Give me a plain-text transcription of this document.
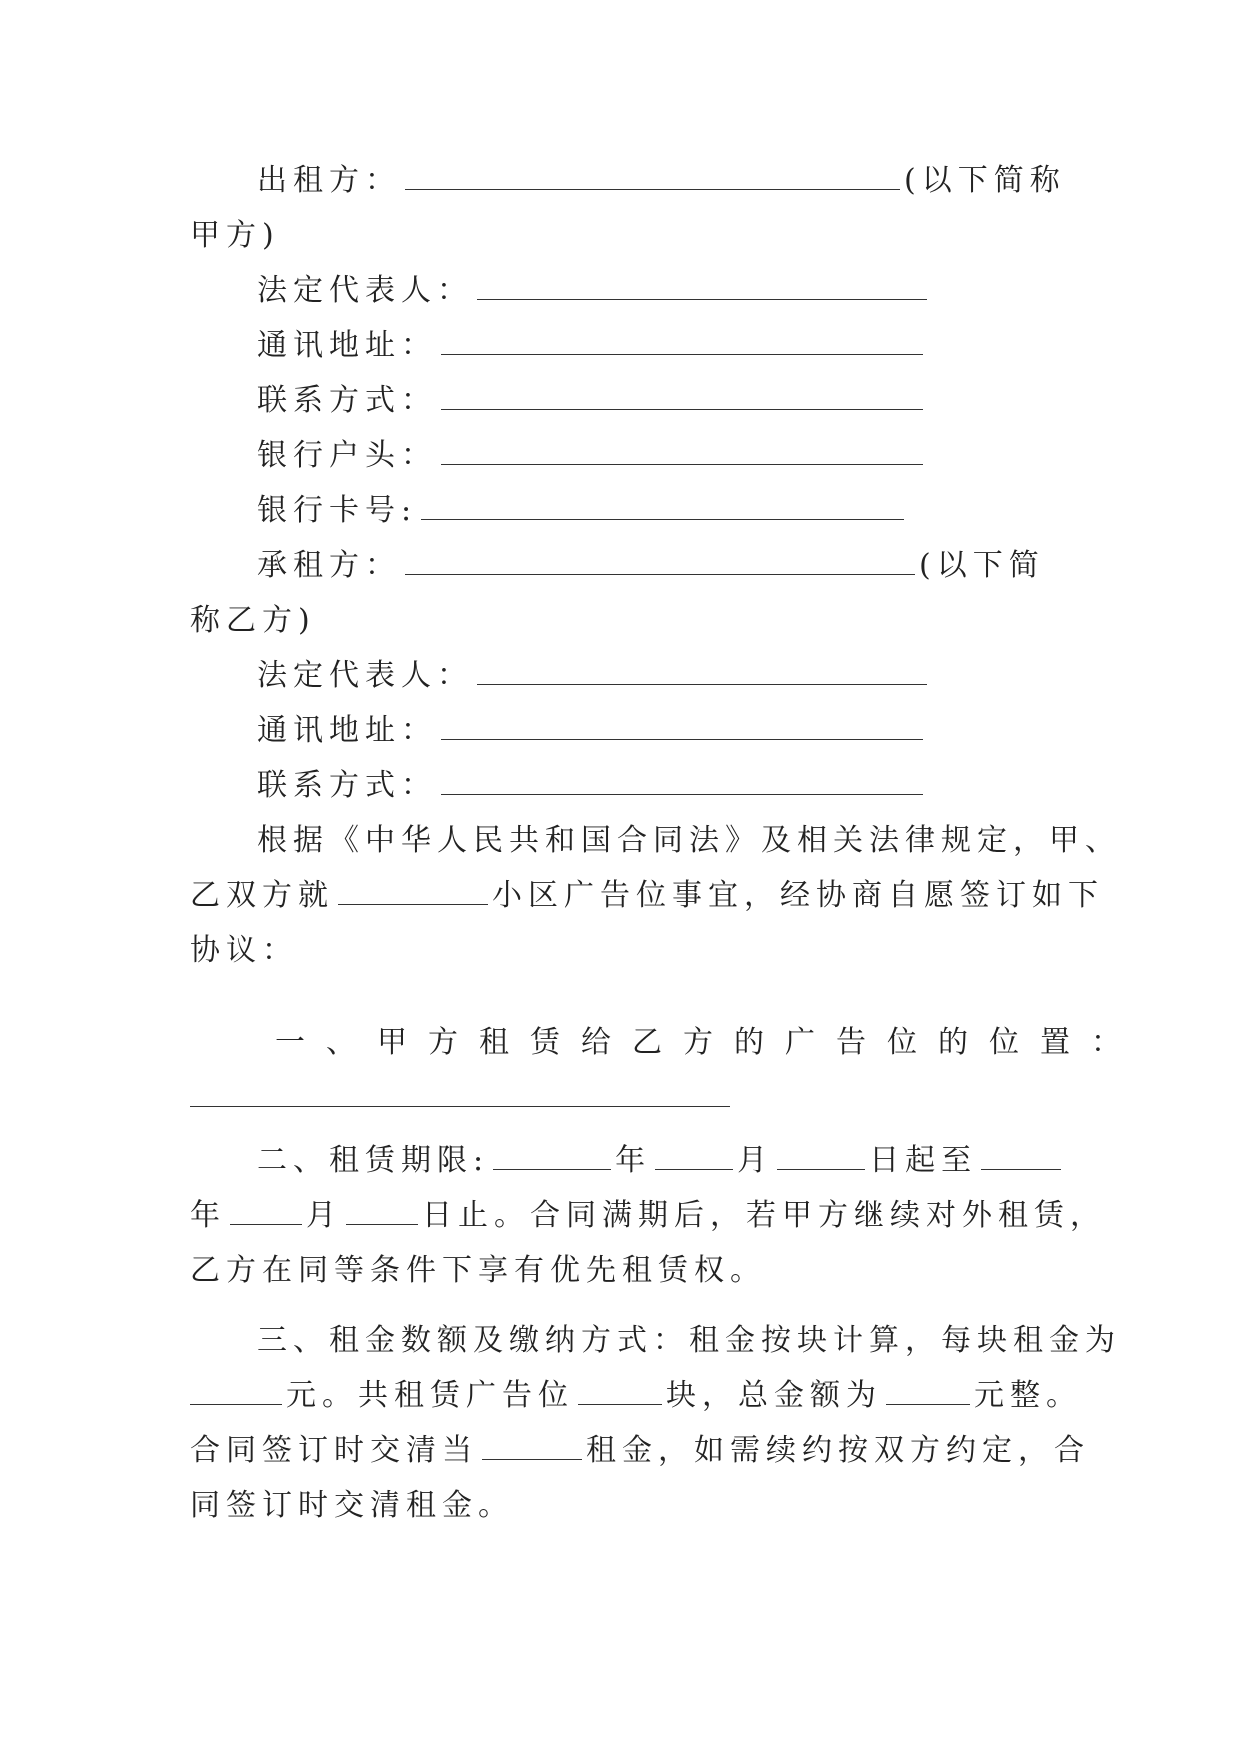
出租方：	(以下简称
甲方)
法定代表人：
通讯地址：
联系方式：
银行户头：
银行卡号:
承租方：	(以下简
称乙方)
法定代表人：
通讯地址：
联系方式：
根据《中华人民共和国合同法》及相关法律规定，甲、
乙双方就	小区广告位事宜，经协商自愿签订如下
协议：
一、甲方租赁给乙方的广告位的位置：
二、租赁期限:	年	月	日起至
年	月	日止。合同满期后，若甲方继续对外租赁，
乙方在同等条件下享有优先租赁权。
三、租金数额及缴纳方式：租金按块计算，每块租金为
元。共租赁广告位	块，总金额为	元整。
合同签订时交清当	租金，如需续约按双方约定，合
同签订时交清租金。
